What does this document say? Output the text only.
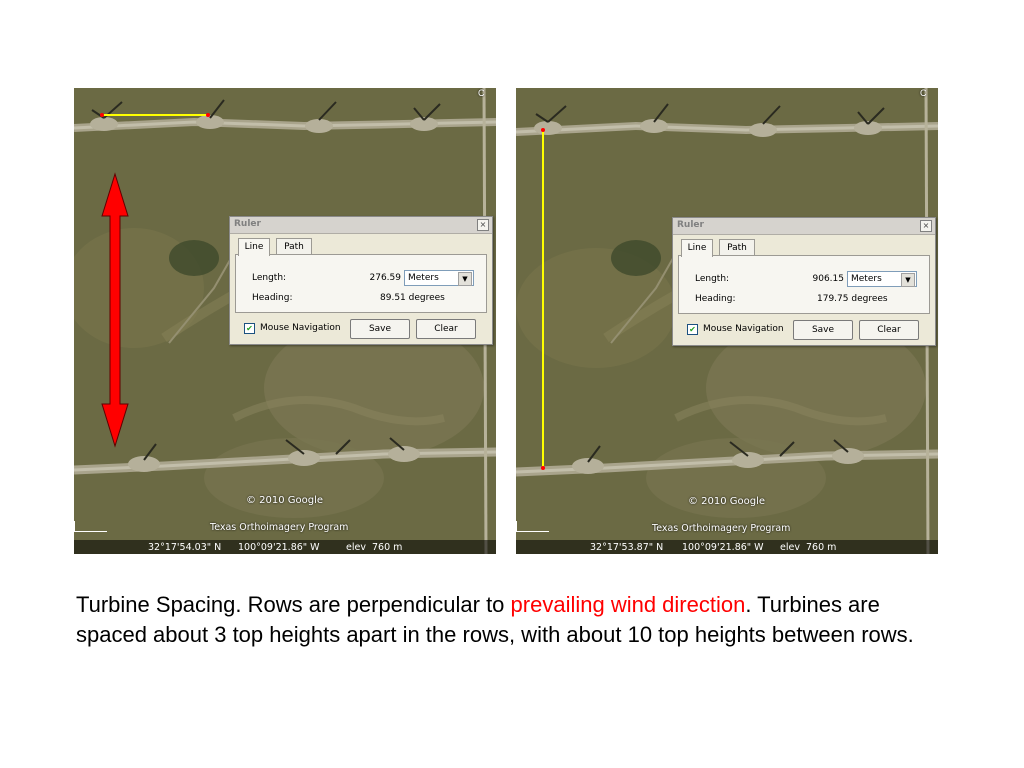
C
© 2010 Google
Texas Orthoimagery Program
32°17'54.03" N 100°09'21.86" W	elev  760 m
Ruler	×
Line	Path
Length:	276.59 Meters	▼
Heading:	89.51 degrees
✔ Mouse Navigation	Save	Clear
C
© 2010 Google
Texas Orthoimagery Program
32°17'53.87" N 100°09'21.86" W elev  760 m
Ruler	×
Line	Path
Length:	906.15 Meters	▼
Heading:	179.75 degrees
✔ Mouse Navigation	Save	Clear
Turbine Spacing. Rows are perpendicular to prevailing wind direction. Turbines are spaced about 3 top heights apart in the rows, with about 10 top heights between rows.
